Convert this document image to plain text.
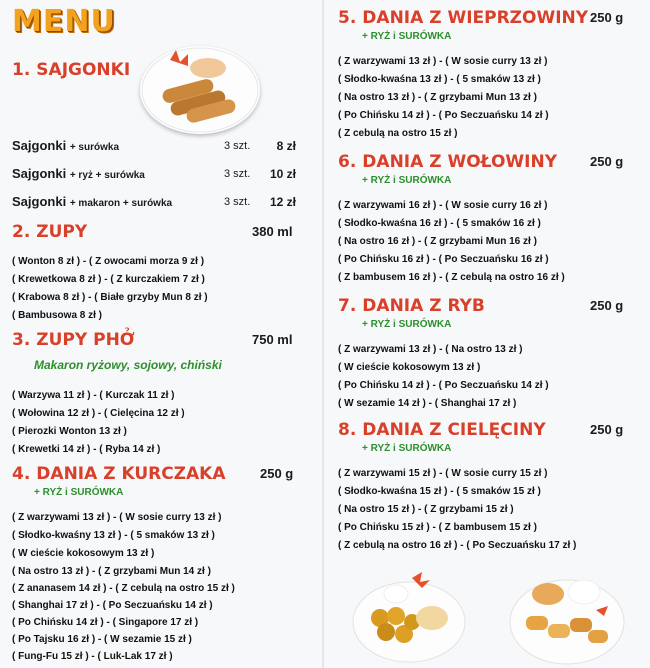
MENU
1. SAJGONKI
Sajgonki + surówka	3 szt.	8 zł
Sajgonki + ryż + surówka	3 szt.	10 zł
Sajgonki + makaron + surówka	3 szt.	12 zł
2. ZUPY	380 ml
( Wonton 8 zł ) - ( Z owocami morza 9 zł )
( Krewetkowa 8 zł ) - ( Z kurczakiem 7 zł )
( Krabowa 8 zł ) - ( Białe grzyby Mun 8 zł )
( Bambusowa 8 zł )
3. ZUPY PHỞ	750 ml
Makaron ryżowy, sojowy, chiński
( Warzywa 11 zł ) - ( Kurczak 11 zł )
( Wołowina 12 zł ) - ( Cielęcina 12 zł )
( Pierozki Wonton 13 zł )
( Krewetki 14 zł ) - ( Ryba 14 zł )
4. DANIA Z KURCZAKA	250 g
+ RYŻ i SURÓWKA
( Z warzywami 13 zł ) - ( W sosie curry 13 zł )
( Słodko-kwaśny 13 zł ) - ( 5 smaków 13 zł )
( W cieście kokosowym 13 zł )
( Na ostro 13 zł ) - ( Z grzybami Mun 14 zł )
( Z ananasem 14 zł ) - ( Z cebulą na ostro 15 zł )
( Shanghai 17 zł ) - ( Po Seczuańsku 14 zł )
( Po Chińsku 14 zł ) - ( Singapore 17 zł )
( Po Tajsku 16 zł ) - ( W sezamie 15 zł )
( Fung-Fu 15 zł ) - ( Luk-Lak 17 zł )
5. DANIA Z WIEPRZOWINY 250 g
+ RYŻ i SURÓWKA
( Z warzywami 13 zł ) - ( W sosie curry 13 zł )
( Słodko-kwaśna 13 zł ) - ( 5 smaków 13 zł )
( Na ostro 13 zł ) - ( Z grzybami Mun 13 zł )
( Po Chińsku 14 zł ) - ( Po Seczuańsku 14 zł )
( Z cebulą na ostro 15 zł )
6. DANIA Z WOŁOWINY	250 g
+ RYŻ i SURÓWKA
( Z warzywami 16 zł ) - ( W sosie curry 16 zł )
( Słodko-kwaśna 16 zł ) - ( 5 smaków 16 zł )
( Na ostro 16 zł ) - ( Z grzybami Mun 16 zł )
( Po Chińsku 16 zł ) - ( Po Seczuańsku 16 zł )
( Z bambusem 16 zł ) - ( Z cebulą na ostro 16 zł )
7. DANIA Z RYB	250 g
+ RYŻ i SURÓWKA
( Z warzywami 13 zł ) - ( Na ostro 13 zł )
( W cieście kokosowym 13 zł )
( Po Chińsku 14 zł ) - ( Po Seczuańsku 14 zł )
( W sezamie 14 zł ) - ( Shanghai 17 zł )
8. DANIA Z CIELĘCINY	250 g
+ RYŻ i SURÓWKA
( Z warzywami 15 zł ) - ( W sosie curry 15 zł )
( Słodko-kwaśna 15 zł ) - ( 5 smaków 15 zł )
( Na ostro 15 zł ) - ( Z grzybami 15 zł )
( Po Chińsku 15 zł ) - ( Z bambusem 15 zł )
( Z cebulą na ostro 16 zł ) - ( Po Seczuańsku 17 zł )
